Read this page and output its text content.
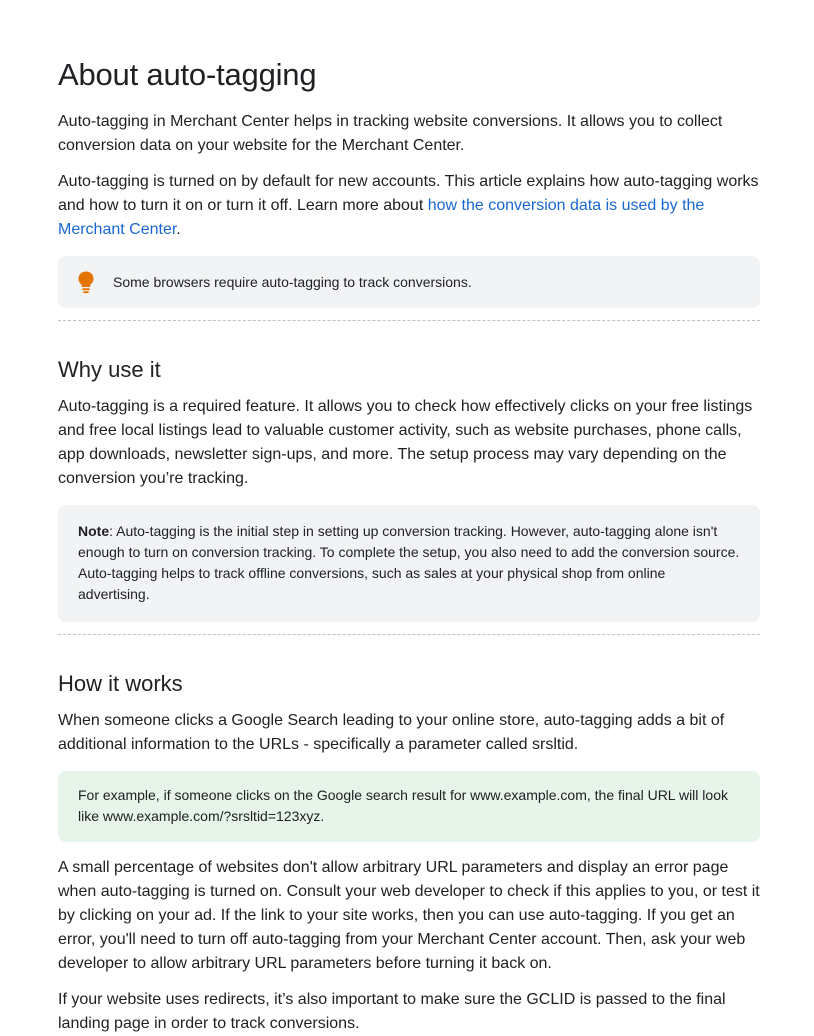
About auto-tagging

Auto-tagging in Merchant Center helps in tracking website conversions. It allows you to collect conversion data on your website for the Merchant Center.

Auto-tagging is turned on by default for new accounts. This article explains how auto-tagging works and how to turn it on or turn it off. Learn more about how the conversion data is used by the Merchant Center.

Some browsers require auto-tagging to track conversions.
Why use it

Auto-tagging is a required feature. It allows you to check how effectively clicks on your free listings and free local listings lead to valuable customer activity, such as website purchases, phone calls, app downloads, newsletter sign-ups, and more. The setup process may vary depending on the conversion you’re tracking.

Note: Auto-tagging is the initial step in setting up conversion tracking. However, auto-tagging alone isn't enough to turn on conversion tracking. To complete the setup, you also need to add the conversion source. Auto-tagging helps to track offline conversions, such as sales at your physical shop from online advertising.
How it works

When someone clicks a Google Search leading to your online store, auto-tagging adds a bit of additional information to the URLs - specifically a parameter called srsltid.

For example, if someone clicks on the Google search result for www.example.com, the final URL will look like www.example.com/?srsltid=123xyz.

A small percentage of websites don't allow arbitrary URL parameters and display an error page when auto-tagging is turned on. Consult your web developer to check if this applies to you, or test it by clicking on your ad. If the link to your site works, then you can use auto-tagging. If you get an error, you'll need to turn off auto-tagging from your Merchant Center account. Then, ask your web developer to allow arbitrary URL parameters before turning it back on.

If your website uses redirects, it’s also important to make sure the GCLID is passed to the final landing page in order to track conversions.
